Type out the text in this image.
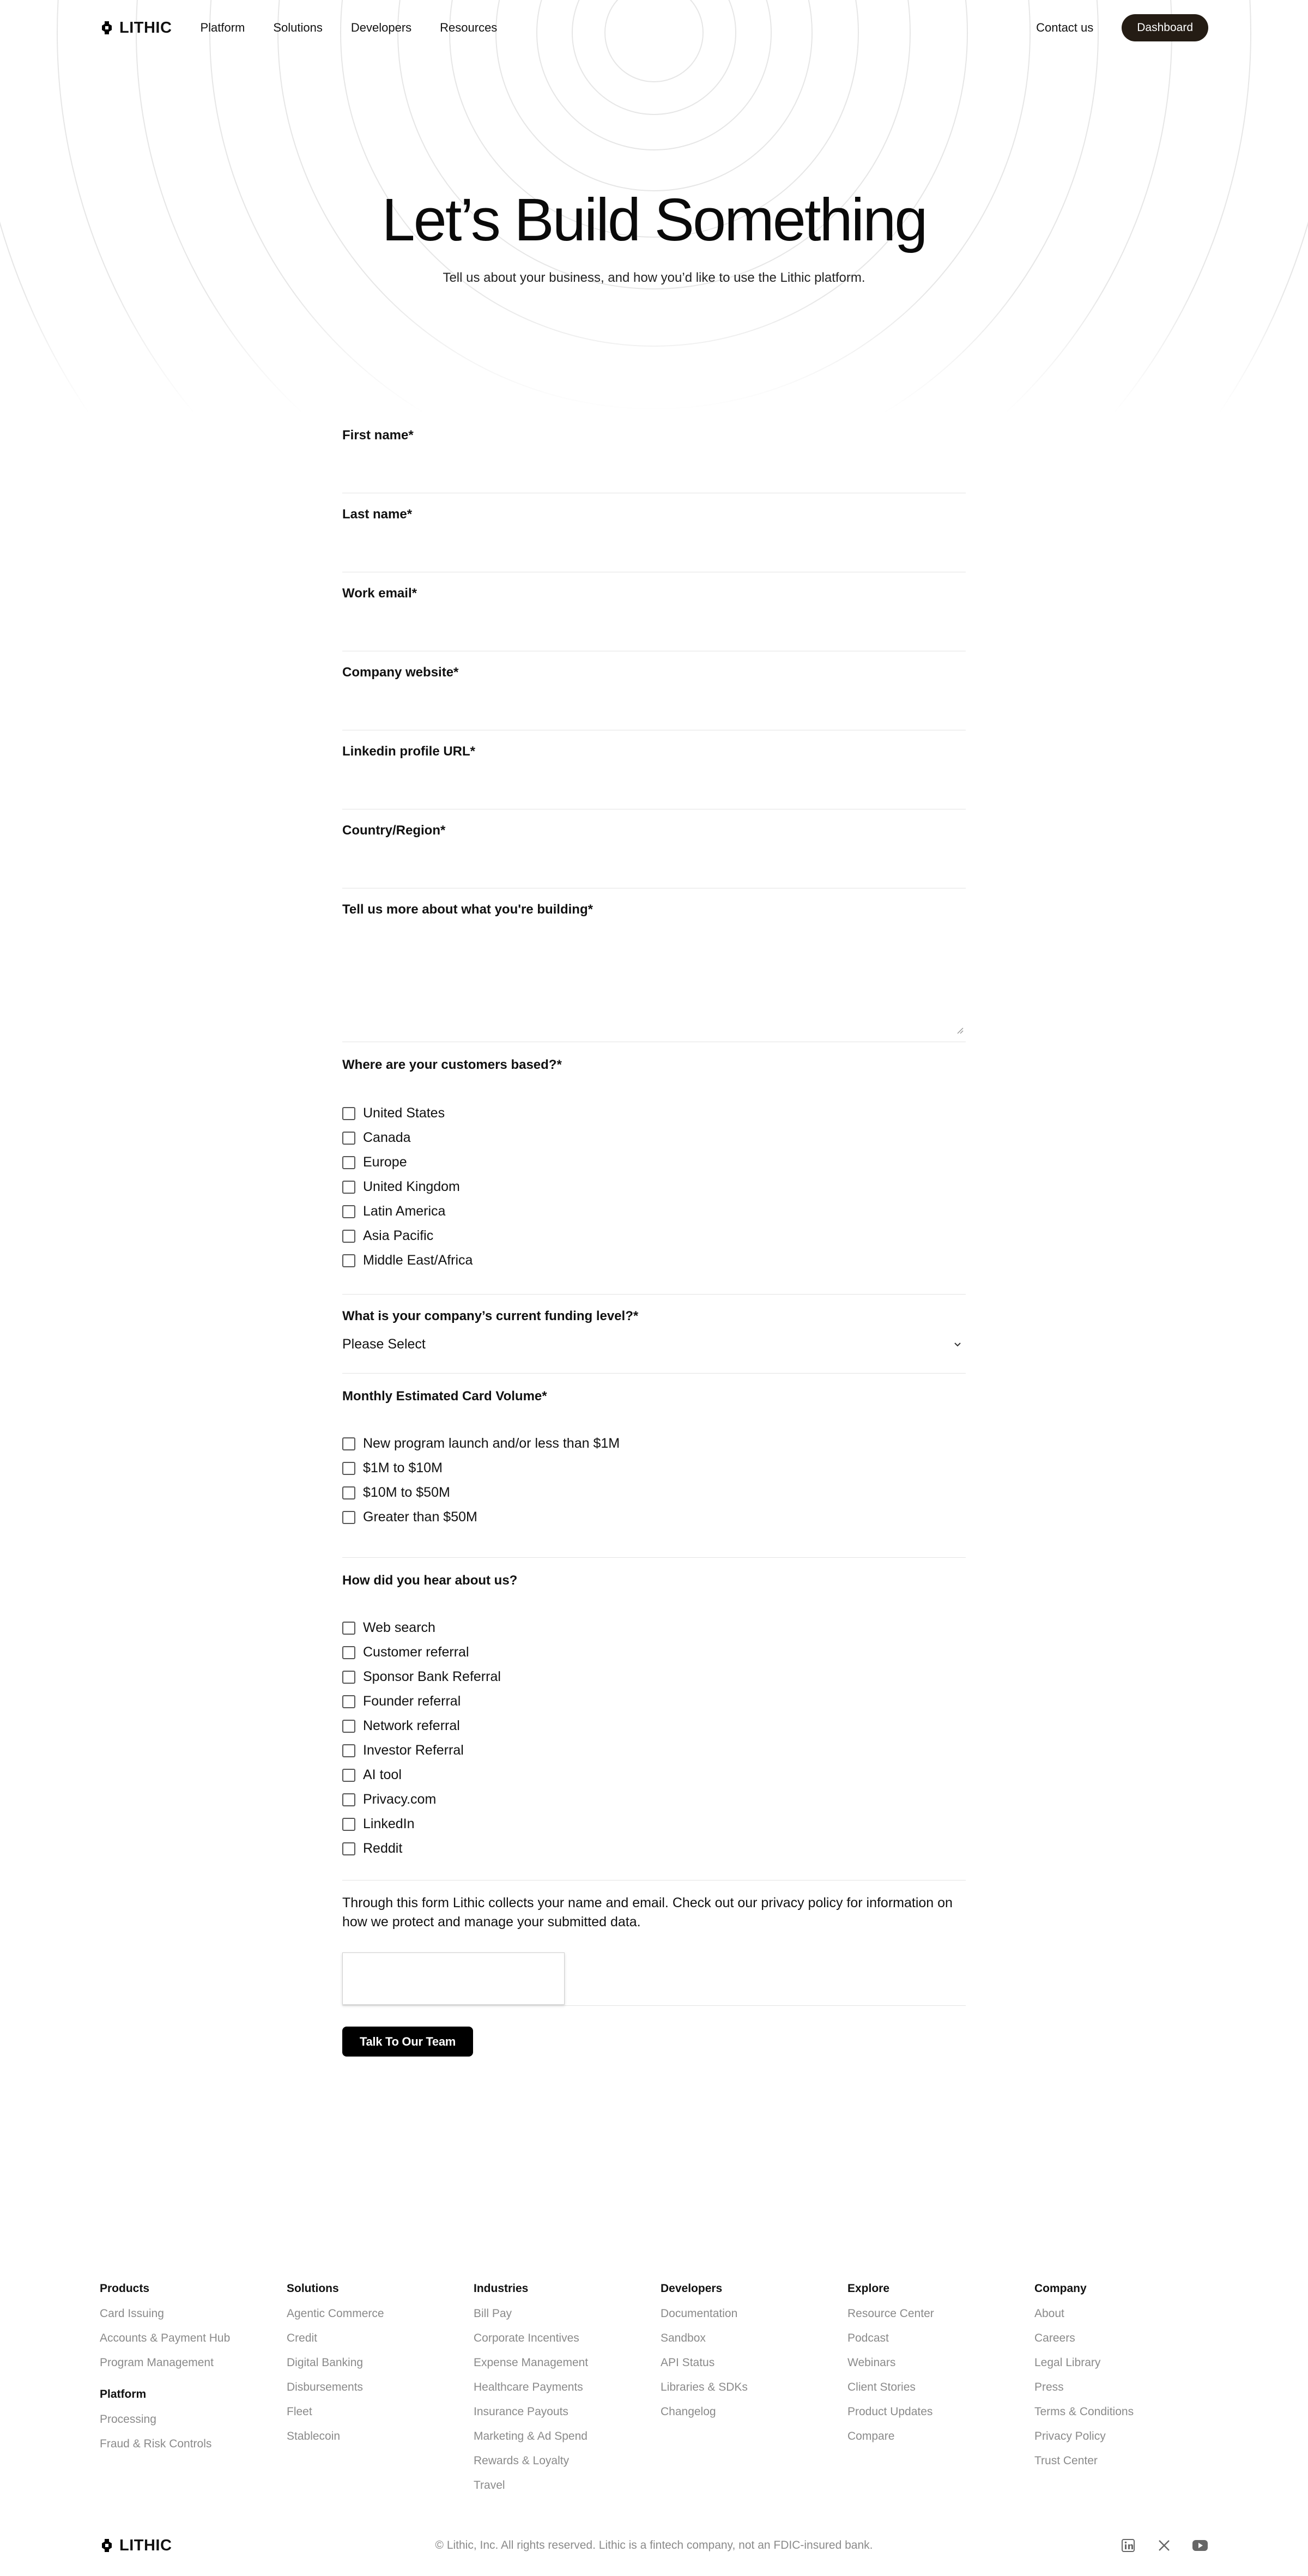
LITHIC Platform Solutions Developers Resources	Contact us	Dashboard
Let’s Build Something

Tell us about your business, and how you’d like to use the Lithic platform.

First name*
Last name*
Work email*
Company website*
Linkedin profile URL*
Country/Region*
Tell us more about what you're building*
Where are your customers based?*
United States
Canada
Europe
United Kingdom
Latin America
Asia Pacific
Middle East/Africa
What is your company’s current funding level?*
Please Select
Monthly Estimated Card Volume*
New program launch and/or less than $1M
$1M to $10M
$10M to $50M
Greater than $50M
How did you hear about us?
Web search
Customer referral
Sponsor Bank Referral
Founder referral
Network referral
Investor Referral
AI tool
Privacy.com
LinkedIn
Reddit

Through this form Lithic collects your name and email. Check out our privacy policy for information on how we protect and manage your submitted data.

Talk To Our Team
Products
Card Issuing
Accounts & Payment Hub
Program Management
Platform
Processing
Fraud & Risk Controls
Solutions
Agentic Commerce
Credit
Digital Banking
Disbursements
Fleet
Stablecoin
Industries
Bill Pay
Corporate Incentives
Expense Management
Healthcare Payments
Insurance Payouts
Marketing & Ad Spend
Rewards & Loyalty
Travel
Developers
Documentation
Sandbox
API Status
Libraries & SDKs
Changelog
Explore
Resource Center
Podcast
Webinars
Client Stories
Product Updates
Compare
Company
About
Careers
Legal Library
Press
Terms & Conditions
Privacy Policy
Trust Center
LITHIC	© Lithic, Inc. All rights reserved. Lithic is a fintech company, not an FDIC-insured bank.
